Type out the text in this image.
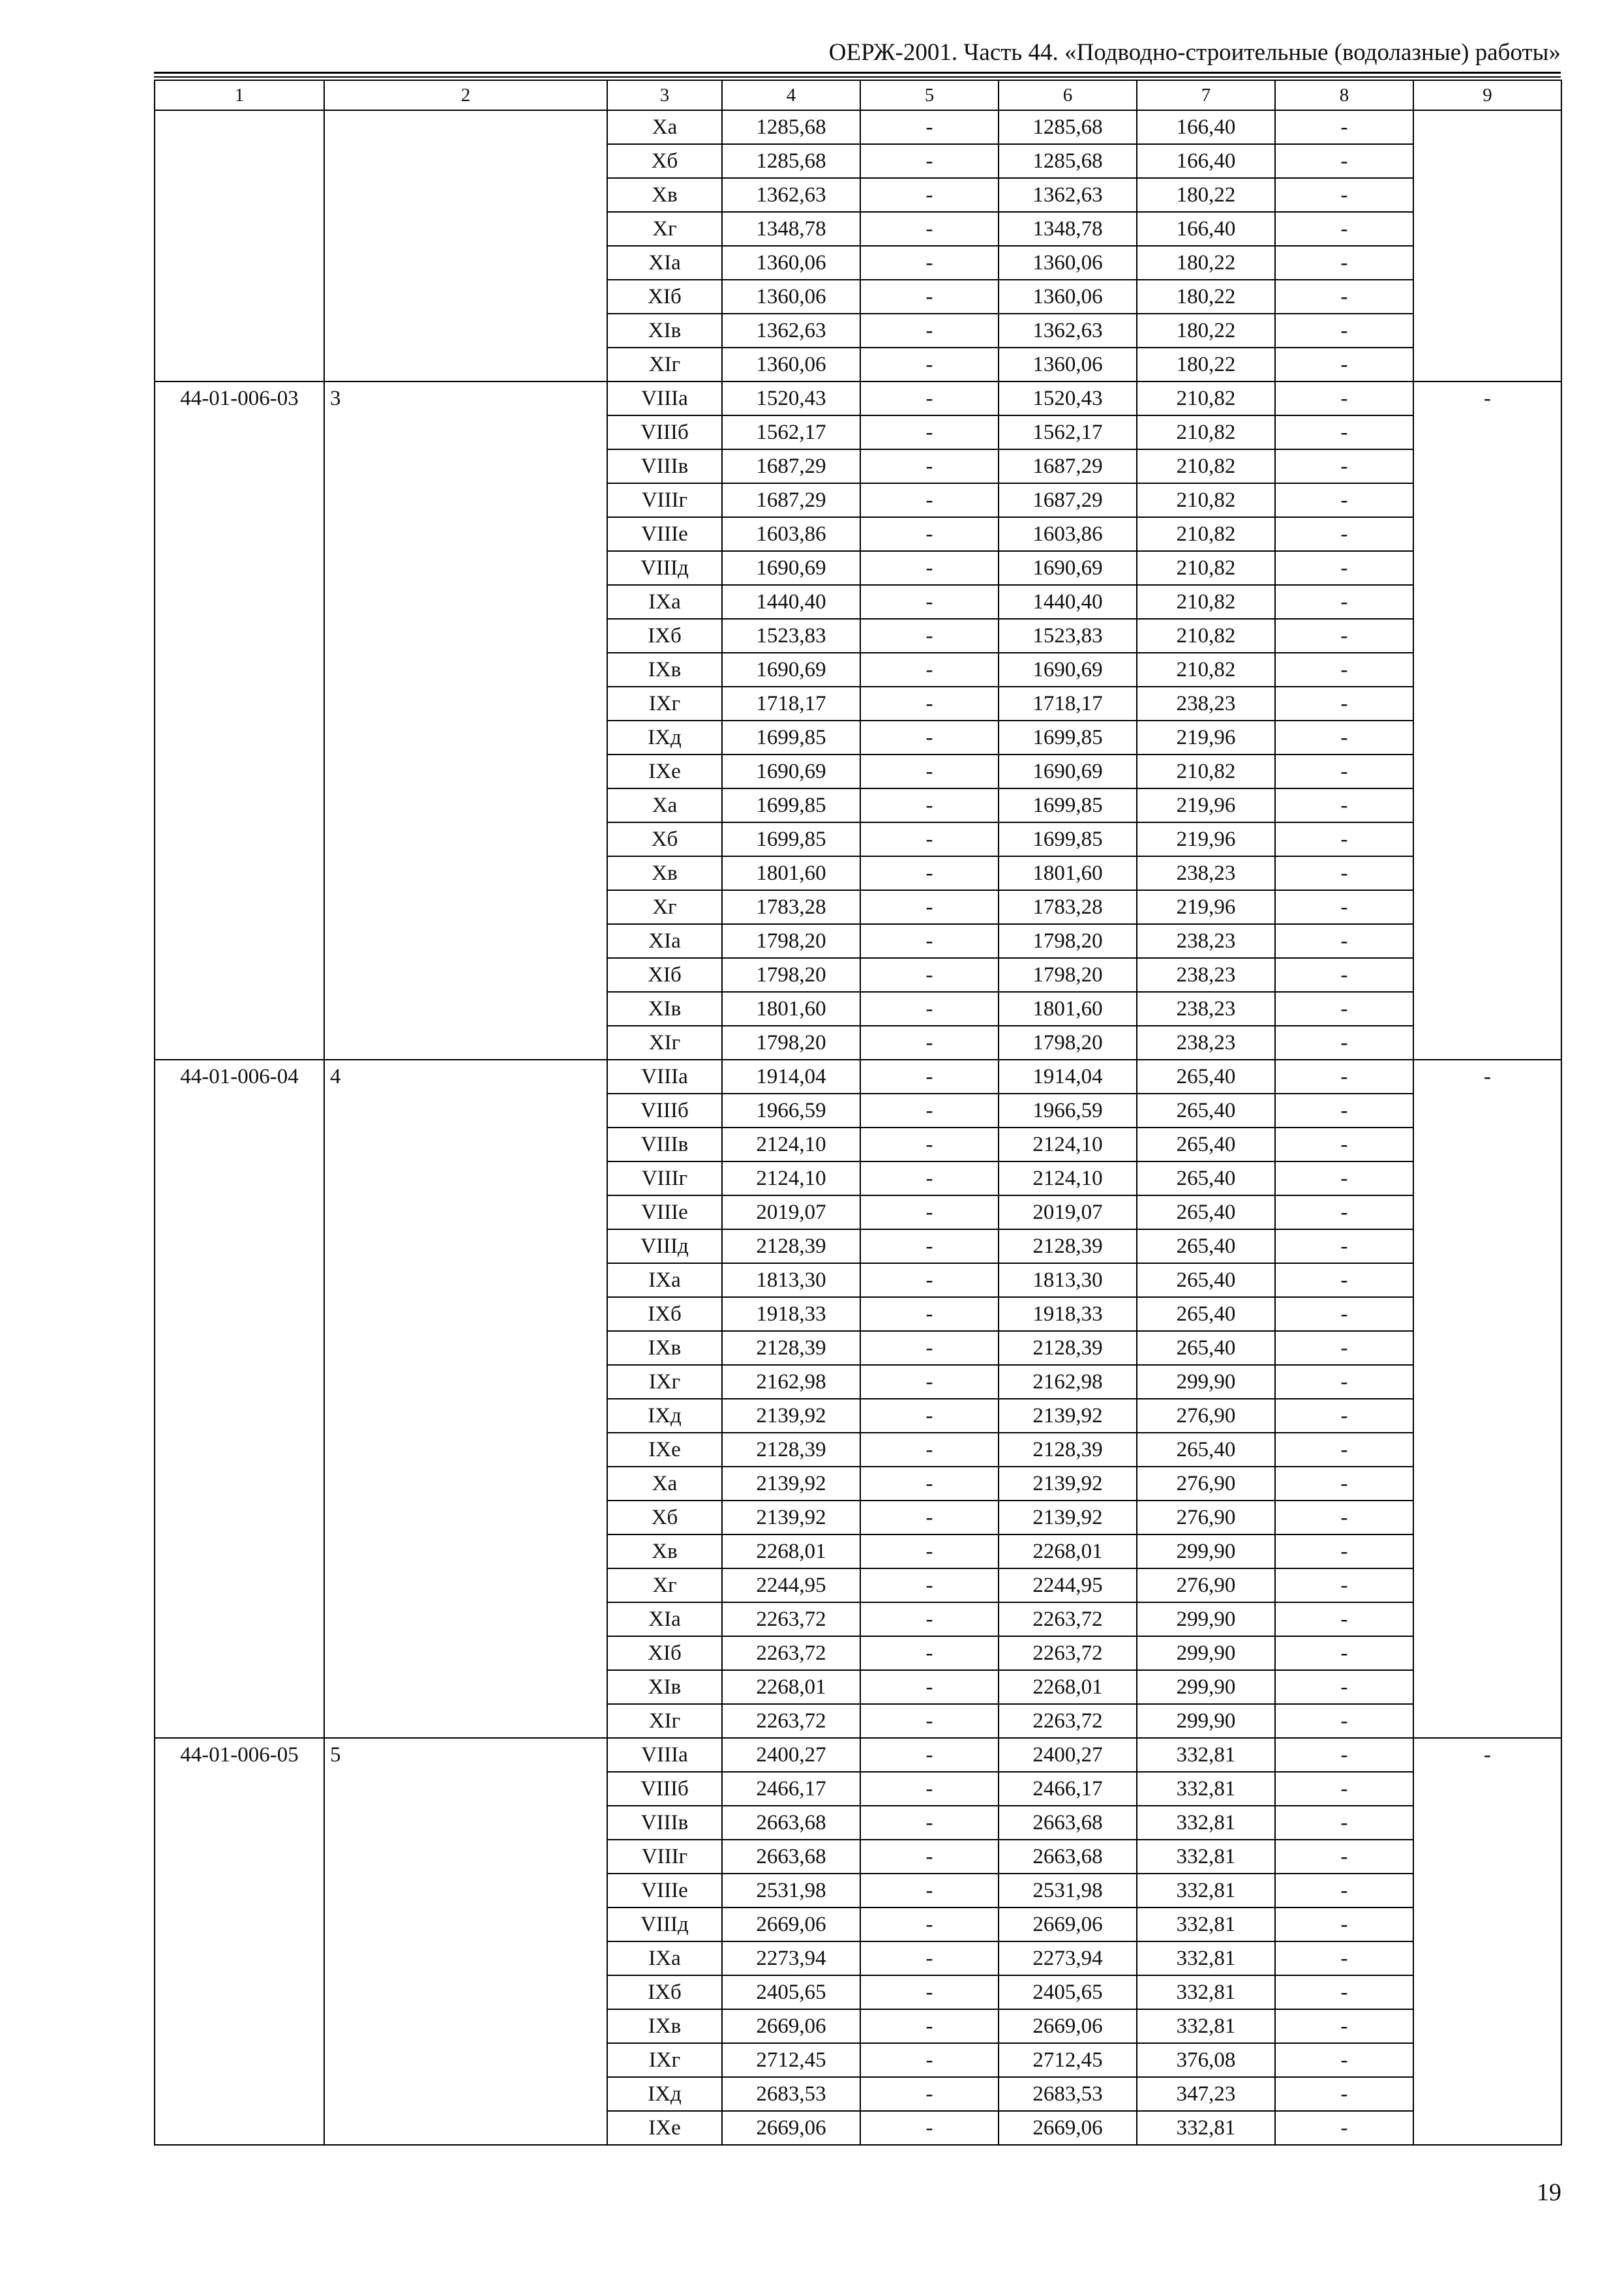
ОЕРЖ-2001. Часть 44. «Подводно-строительные (водолазные) работы»
1	2	3	4	5	6	7	8	9
		Xа	1285,68	-	1285,68	166,40	-	
		Xб	1285,68	-	1285,68	166,40	-	
		Xв	1362,63	-	1362,63	180,22	-	
		Xг	1348,78	-	1348,78	166,40	-	
		XIа	1360,06	-	1360,06	180,22	-	
		XIб	1360,06	-	1360,06	180,22	-	
		XIв	1362,63	-	1362,63	180,22	-	
		XIг	1360,06	-	1360,06	180,22	-	
44-01-006-03	3	VIIIа	1520,43	-	1520,43	210,82	-	-
		VIIIб	1562,17	-	1562,17	210,82	-	
		VIIIв	1687,29	-	1687,29	210,82	-	
		VIIIг	1687,29	-	1687,29	210,82	-	
		VIIIе	1603,86	-	1603,86	210,82	-	
		VIIIд	1690,69	-	1690,69	210,82	-	
		IXа	1440,40	-	1440,40	210,82	-	
		IXб	1523,83	-	1523,83	210,82	-	
		IXв	1690,69	-	1690,69	210,82	-	
		IXг	1718,17	-	1718,17	238,23	-	
		IXд	1699,85	-	1699,85	219,96	-	
		IXе	1690,69	-	1690,69	210,82	-	
		Xа	1699,85	-	1699,85	219,96	-	
		Xб	1699,85	-	1699,85	219,96	-	
		Xв	1801,60	-	1801,60	238,23	-	
		Xг	1783,28	-	1783,28	219,96	-	
		XIа	1798,20	-	1798,20	238,23	-	
		XIб	1798,20	-	1798,20	238,23	-	
		XIв	1801,60	-	1801,60	238,23	-	
		XIг	1798,20	-	1798,20	238,23	-	
44-01-006-04	4	VIIIа	1914,04	-	1914,04	265,40	-	-
		VIIIб	1966,59	-	1966,59	265,40	-	
		VIIIв	2124,10	-	2124,10	265,40	-	
		VIIIг	2124,10	-	2124,10	265,40	-	
		VIIIе	2019,07	-	2019,07	265,40	-	
		VIIIд	2128,39	-	2128,39	265,40	-	
		IXа	1813,30	-	1813,30	265,40	-	
		IXб	1918,33	-	1918,33	265,40	-	
		IXв	2128,39	-	2128,39	265,40	-	
		IXг	2162,98	-	2162,98	299,90	-	
		IXд	2139,92	-	2139,92	276,90	-	
		IXе	2128,39	-	2128,39	265,40	-	
		Xа	2139,92	-	2139,92	276,90	-	
		Xб	2139,92	-	2139,92	276,90	-	
		Xв	2268,01	-	2268,01	299,90	-	
		Xг	2244,95	-	2244,95	276,90	-	
		XIа	2263,72	-	2263,72	299,90	-	
		XIб	2263,72	-	2263,72	299,90	-	
		XIв	2268,01	-	2268,01	299,90	-	
		XIг	2263,72	-	2263,72	299,90	-	
44-01-006-05	5	VIIIа	2400,27	-	2400,27	332,81	-	-
		VIIIб	2466,17	-	2466,17	332,81	-	
		VIIIв	2663,68	-	2663,68	332,81	-	
		VIIIг	2663,68	-	2663,68	332,81	-	
		VIIIе	2531,98	-	2531,98	332,81	-	
		VIIIд	2669,06	-	2669,06	332,81	-	
		IXа	2273,94	-	2273,94	332,81	-	
		IXб	2405,65	-	2405,65	332,81	-	
		IXв	2669,06	-	2669,06	332,81	-	
		IXг	2712,45	-	2712,45	376,08	-	
		IXд	2683,53	-	2683,53	347,23	-	
		IXе	2669,06	-	2669,06	332,81	-	
19
